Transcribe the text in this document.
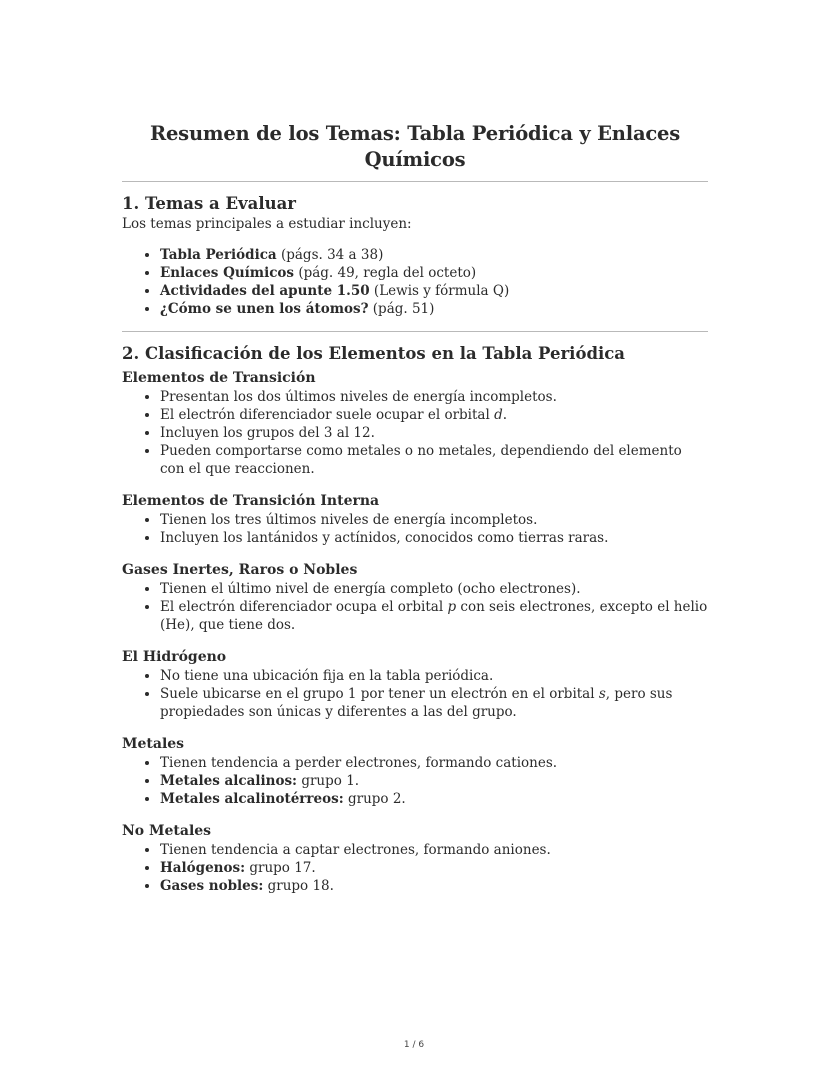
Resumen de los Temas: Tabla Periódica y Enlaces Químicos
1. Temas a Evaluar

Los temas principales a estudiar incluyen:

• Tabla Periódica (págs. 34 a 38)
• Enlaces Químicos (pág. 49, regla del octeto)
• Actividades del apunte 1.50 (Lewis y fórmula Q)
• ¿Cómo se unen los átomos? (pág. 51)
2. Clasificación de los Elementos en la Tabla Periódica
Elementos de Transición
• Presentan los dos últimos niveles de energía incompletos.
• El electrón diferenciador suele ocupar el orbital d.
• Incluyen los grupos del 3 al 12.
• Pueden comportarse como metales o no metales, dependiendo del elemento con el que reaccionen.
Elementos de Transición Interna
• Tienen los tres últimos niveles de energía incompletos.
• Incluyen los lantánidos y actínidos, conocidos como tierras raras.
Gases Inertes, Raros o Nobles
• Tienen el último nivel de energía completo (ocho electrones).
• El electrón diferenciador ocupa el orbital p con seis electrones, excepto el helio (He), que tiene dos.
El Hidrógeno
• No tiene una ubicación fija en la tabla periódica.
• Suele ubicarse en el grupo 1 por tener un electrón en el orbital s, pero sus propiedades son únicas y diferentes a las del grupo.
Metales
• Tienen tendencia a perder electrones, formando cationes.
• Metales alcalinos: grupo 1.
• Metales alcalinotérreos: grupo 2.
No Metales
• Tienen tendencia a captar electrones, formando aniones.
• Halógenos: grupo 17.
• Gases nobles: grupo 18.
1 / 6
